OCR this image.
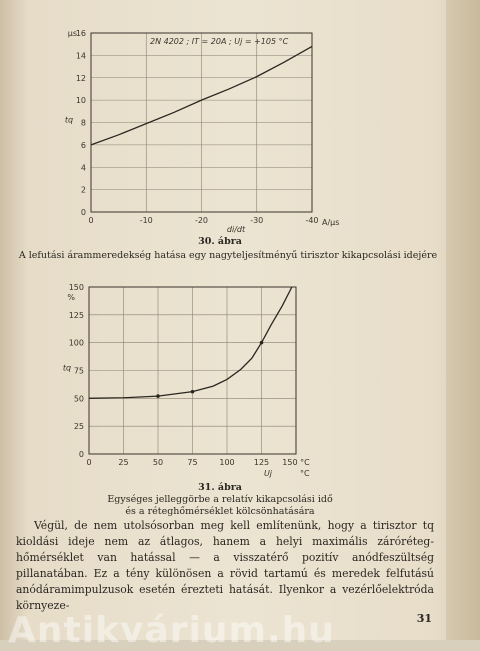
0	-10	-20	-30	-40
0
2
4
6
8
10
12
14
16
tq
µs
di/dt
A/µs
2N 4202 ; IT = 20A ; Uj = +105 °C
30. ábra
A lefutási árammeredekség hatása egy nagyteljesítményű tirisztor kikapcsolási idejére
0	25	50	75	100 125 150 °C
0
25
50
75
100
125
150
tq
%
Uj	°C
31. ábra
Egységes jelleggörbe a relatív kikapcsolási idő
és a réteghőmérséklet kölcsönhatására

Végül, de nem utolsósorban meg kell említenünk, hogy a tirisztor tq kioldási ideje nem az átlagos, hanem a helyi maximális záróréteg-hőmérséklet van hatással — a visszatérő pozitív anódfeszültség pillanatában. Ez a tény különösen a rövid tartamú és meredek felfutású anódáramimpulzusok esetén érezteti hatását. Ilyenkor a vezérlőelektróda környeze-

31
Antikvárium.hu
